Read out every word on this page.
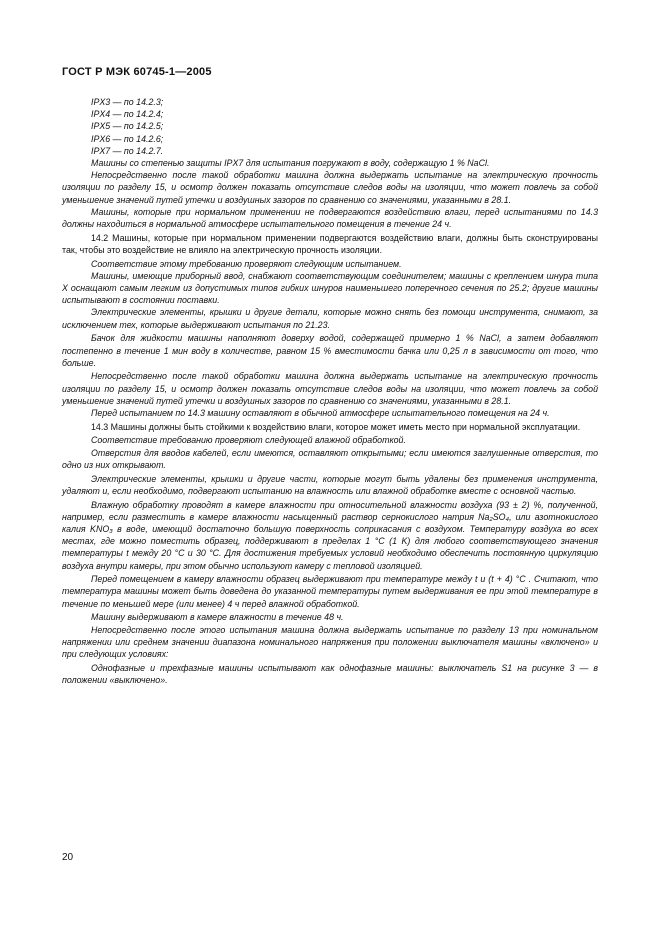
ГОСТ Р МЭК 60745-1—2005
IPX3 — по 14.2.3;
IPX4 — по 14.2.4;
IPX5 — по 14.2.5;
IPX6 — по 14.2.6;
IPX7 — по 14.2.7.

Машины со степенью защиты IPX7 для испытания погружают в воду, содержащую 1 % NaCl.

Непосредственно после такой обработки машина должна выдержать испытание на электрическую прочность изоляции по разделу 15, и осмотр должен показать отсутствие следов воды на изоляции, что может повлечь за собой уменьшение значений путей утечки и воздушных зазоров по сравнению со значениями, указанными в 28.1.

Машины, которые при нормальном применении не подвергаются воздействию влаги, перед испытаниями по 14.3 должны находиться в нормальной атмосфере испытательного помещения в течение 24 ч.

14.2 Машины, которые при нормальном применении подвергаются воздействию влаги, должны быть сконструированы так, чтобы это воздействие не влияло на электрическую прочность изоляции.

Соответствие этому требованию проверяют следующим испытанием.

Машины, имеющие приборный ввод, снабжают соответствующим соединителем; машины с креплением шнура типа X оснащают самым легким из допустимых типов гибких шнуров наименьшего поперечного сечения по 25.2; другие машины испытывают в состоянии поставки.

Электрические элементы, крышки и другие детали, которые можно снять без помощи инструмента, снимают, за исключением тех, которые выдерживают испытания по 21.23.

Бачок для жидкости машины наполняют доверху водой, содержащей примерно 1 % NaCl, а затем добавляют постепенно в течение 1 мин воду в количестве, равном 15 % вместимости бачка или 0,25 л в зависимости от того, что больше.

Непосредственно после такой обработки машина должна выдержать испытание на электрическую прочность изоляции по разделу 15, и осмотр должен показать отсутствие следов воды на изоляции, что может повлечь за собой уменьшение значений путей утечки и воздушных зазоров по сравнению со значениями, указанными в 28.1.

Перед испытанием по 14.3 машину оставляют в обычной атмосфере испытательного помещения на 24 ч.

14.3 Машины должны быть стойкими к воздействию влаги, которое может иметь место при нормальной эксплуатации.

Соответствие требованию проверяют следующей влажной обработкой.

Отверстия для вводов кабелей, если имеются, оставляют открытыми; если имеются заглушенные отверстия, то одно из них открывают.

Электрические элементы, крышки и другие части, которые могут быть удалены без применения инструмента, удаляют и, если необходимо, подвергают испытанию на влажность или влажной обработке вместе с основной частью.

Влажную обработку проводят в камере влажности при относительной влажности воздуха (93 ± 2) %, полученной, например, если разместить в камере влажности насыщенный раствор сернокислого натрия Na₂SO₄, или азотнокислого калия KNO₃ в воде, имеющий достаточно большую поверхность соприкасания с воздухом. Температуру воздуха во всех местах, где можно поместить образец, поддерживают в пределах 1 °C (1 K) для любого соответствующего значения температуры t между 20 °C и 30 °C. Для достижения требуемых условий необходимо обеспечить постоянную циркуляцию воздуха внутри камеры, при этом обычно используют камеру с тепловой изоляцией.

Перед помещением в камеру влажности образец выдерживают при температуре между t и (t + 4) °C . Считают, что температура машины может быть доведена до указанной температуры путем выдерживания ее при этой температуре в течение по меньшей мере (или менее) 4 ч перед влажной обработкой.

Машину выдерживают в камере влажности в течение 48 ч.

Непосредственно после этого испытания машина должна выдержать испытание по разделу 13 при номинальном напряжении или среднем значении диапазона номинального напряжения при положении выключателя машины «включено» и при следующих условиях:

Однофазные и трехфазные машины испытывают как однофазные машины: выключатель S1 на рисунке 3 — в положении «выключено».

20
